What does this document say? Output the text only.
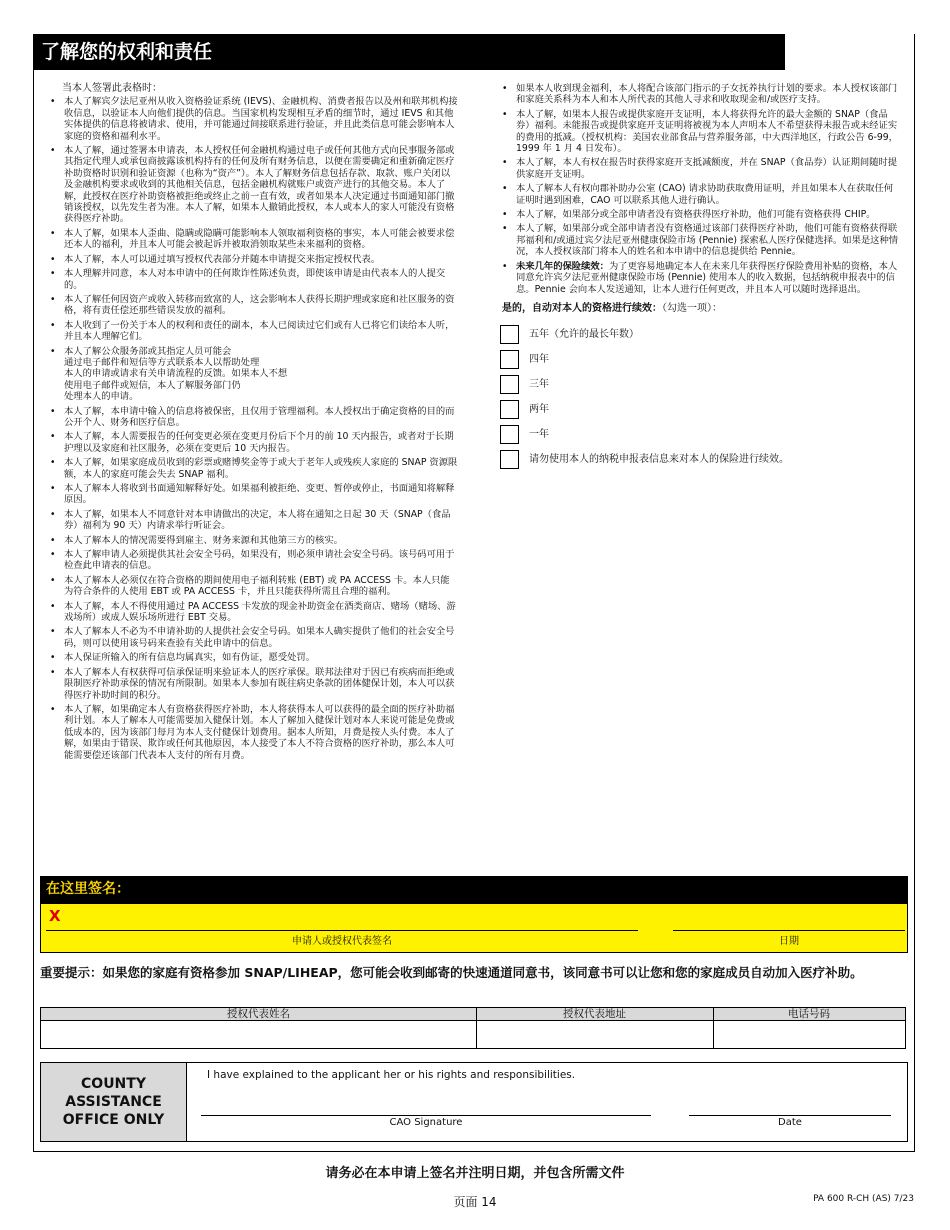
了解您的权利和责任
当本人签署此表格时：
• 本人了解宾夕法尼亚州从收入资格验证系统 (IEVS)、金融机构、消费者报告以及州和联邦机构接收信息，以验证本人向他们提供的信息。当国家机构发现相互矛盾的细节时，通过 IEVS 和其他实体提供的信息将被请求、使用，并可能通过间接联系进行验证，并且此类信息可能会影响本人家庭的资格和福利水平。
• 本人了解，通过签署本申请表，本人授权任何金融机构通过电子或任何其他方式向民事服务部或其指定代理人或承包商披露该机构持有的任何及所有财务信息，以便在需要确定和重新确定医疗补助资格时识别和验证资源（也称为“资产”）。本人了解财务信息包括存款、取款、账户关闭以及金融机构要求或收到的其他相关信息，包括金融机构就账户或资产进行的其他交易。本人了解，此授权在医疗补助资格被拒绝或终止之前一直有效，或者如果本人决定通过书面通知部门撤销该授权，以先发生者为准。本人了解，如果本人撤销此授权，本人或本人的家人可能没有资格获得医疗补助。
• 本人了解，如果本人歪曲、隐瞒或隐瞒可能影响本人领取福利资格的事实，本人可能会被要求偿还本人的福利，并且本人可能会被起诉并被取消领取某些未来福利的资格。
• 本人了解，本人可以通过填写授权代表部分并随本申请提交来指定授权代表。
• 本人理解并同意，本人对本申请中的任何欺诈性陈述负责，即使该申请是由代表本人的人提交的。
• 本人了解任何因资产或收入转移而致富的人，这会影响本人获得长期护理或家庭和社区服务的资格，将有责任偿还那些错误发放的福利。
• 本人收到了一份关于本人的权利和责任的副本，本人已阅读过它们或有人已将它们读给本人听，并且本人理解它们。
• 本人了解公众服务部或其指定人员可能会
通过电子邮件和短信等方式联系本人以帮助处理
本人的申请或请求有关申请流程的反馈。如果本人不想
使用电子邮件或短信，本人了解服务部门仍
处理本人的申请。
• 本人了解，本申请中输入的信息将被保密，且仅用于管理福利。本人授权出于确定资格的目的而公开个人、财务和医疗信息。
• 本人了解，本人需要报告的任何变更必须在变更月份后下个月的前 10 天内报告，或者对于长期护理以及家庭和社区服务，必须在变更后 10 天内报告。
• 本人了解，如果家庭成员收到的彩票或赌博奖金等于或大于老年人或残疾人家庭的 SNAP 资源限额，本人的家庭可能会失去 SNAP 福利。
• 本人了解本人将收到书面通知解释好处。如果福利被拒绝、变更、暂停或停止，书面通知将解释原因。
• 本人了解，如果本人不同意针对本申请做出的决定，本人将在通知之日起 30 天（SNAP（食品券）福利为 90 天）内请求举行听证会。
• 本人了解本人的情况需要得到雇主、财务来源和其他第三方的核实。
• 本人了解申请人必须提供其社会安全号码，如果没有，则必须申请社会安全号码。该号码可用于检查此申请表的信息。
• 本人了解本人必须仅在符合资格的期间使用电子福利转账 (EBT) 或 PA ACCESS 卡。本人只能为符合条件的人使用 EBT 或 PA ACCESS 卡，并且只能获得所需且合理的福利。
• 本人了解，本人不得使用通过 PA ACCESS 卡发放的现金补助资金在酒类商店、赌场（赌场、游戏场所）或成人娱乐场所进行 EBT 交易。
• 本人了解本人不必为不申请补助的人提供社会安全号码。如果本人确实提供了他们的社会安全号码，则可以使用该号码来查验有关此申请中的信息。
• 本人保证所输入的所有信息均属真实，如有伪证，愿受处罚。
• 本人了解本人有权获得可信承保证明来验证本人的医疗承保。联邦法律对于因已有疾病而拒绝或限制医疗补助承保的情况有所限制。如果本人参加有既往病史条款的团体健保计划，本人可以获得医疗补助时间的积分。
• 本人了解，如果确定本人有资格获得医疗补助，本人将获得本人可以获得的最全面的医疗补助福利计划。本人了解本人可能需要加入健保计划。本人了解加入健保计划对本人来说可能是免费或低成本的，因为该部门每月为本人支付健保计划费用。据本人所知，月费是按人头付费。本人了解，如果由于错误、欺诈或任何其他原因，本人接受了本人不符合资格的医疗补助，那么本人可能需要偿还该部门代表本人支付的所有月费。
• 如果本人收到现金福利，本人将配合该部门指示的子女抚养执行计划的要求。本人授权该部门和家庭关系科为本人和本人所代表的其他人寻求和收取现金和/或医疗支持。
• 本人了解，如果本人报告或提供家庭开支证明，本人将获得允许的最大金额的 SNAP（食品券）福利。未能报告或提供家庭开支证明将被视为本人声明本人不希望获得未报告或未经证实的费用的抵减。（授权机构：美国农业部食品与营养服务部，中大西洋地区，行政公告 6-99，1999 年 1 月 4 日发布）。
• 本人了解，本人有权在报告时获得家庭开支抵减额度，并在 SNAP（食品券）认证期间随时提供家庭开支证明。
• 本人了解本人有权向郡补助办公室 (CAO) 请求协助获取费用证明，并且如果本人在获取任何证明时遇到困难，CAO 可以联系其他人进行确认。
• 本人了解，如果部分或全部申请者没有资格获得医疗补助，他们可能有资格获得 CHIP。
• 本人了解，如果部分或全部申请者没有资格通过该部门获得医疗补助，他们可能有资格获得联邦福利和/或通过宾夕法尼亚州健康保险市场 (Pennie) 探索私人医疗保健选择。如果是这种情况，本人授权该部门将本人的姓名和本申请中的信息提供给 Pennie。
• 未来几年的保险续效：为了更容易地确定本人在未来几年获得医疗保险费用补贴的资格，本人同意允许宾夕法尼亚州健康保险市场 (Pennie) 使用本人的收入数据，包括纳税申报表中的信息。Pennie 会向本人发送通知，让本人进行任何更改，并且本人可以随时选择退出。
是的，自动对本人的资格进行续效：（勾选一项）：
五年（允许的最长年数）
四年
三年
两年
一年
请勿使用本人的纳税申报表信息来对本人的保险进行续效。
在这里签名：
X
申请人或授权代表签名	日期
重要提示：如果您的家庭有资格参加 SNAP/LIHEAP，您可能会收到邮寄的快速通道同意书，该同意书可以让您和您的家庭成员自动加入医疗补助。
授权代表姓名	授权代表地址	电话号码
COUNTY
ASSISTANCE
OFFICE ONLY
I have explained to the applicant her or his rights and responsibilities.
CAO Signature	Date
请务必在本申请上签名并注明日期，并包含所需文件
页面 14	PA 600 R-CH (AS) 7/23
